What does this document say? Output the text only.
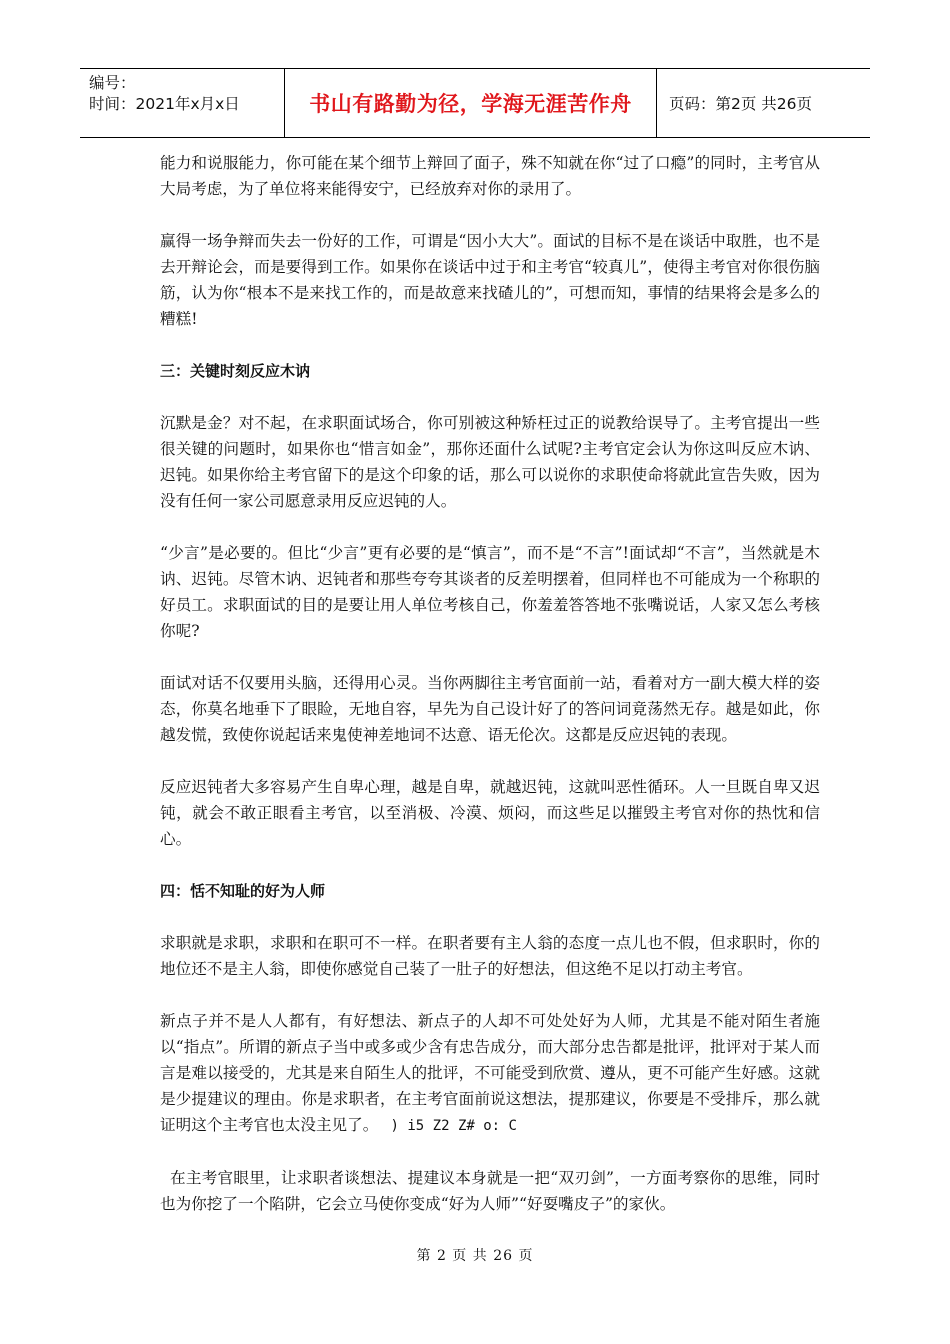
编号：
时间：2021年x月x日	书山有路勤为径，学海无涯苦作舟	页码：第2页 共26页

能力和说服能力，你可能在某个细节上辩回了面子，殊不知就在你“过了口瘾”的同时，主考官从大局考虑，为了单位将来能得安宁，已经放弃对你的录用了。

赢得一场争辩而失去一份好的工作，可谓是“因小大大”。面试的目标不是在谈话中取胜，也不是去开辩论会，而是要得到工作。如果你在谈话中过于和主考官“较真儿”，使得主考官对你很伤脑筋，认为你“根本不是来找工作的，而是故意来找碴儿的”，可想而知，事情的结果将会是多么的糟糕!

三：关键时刻反应木讷

沉默是金？对不起，在求职面试场合，你可别被这种矫枉过正的说教给误导了。主考官提出一些很关键的问题时，如果你也“惜言如金”，那你还面什么试呢?主考官定会认为你这叫反应木讷、迟钝。如果你给主考官留下的是这个印象的话，那么可以说你的求职使命将就此宣告失败，因为没有任何一家公司愿意录用反应迟钝的人。

“少言”是必要的。但比“少言”更有必要的是“慎言”，而不是“不言”!面试却“不言”，当然就是木讷、迟钝。尽管木讷、迟钝者和那些夸夸其谈者的反差明摆着，但同样也不可能成为一个称职的好员工。求职面试的目的是要让用人单位考核自己，你羞羞答答地不张嘴说话，人家又怎么考核你呢?

面试对话不仅要用头脑，还得用心灵。当你两脚往主考官面前一站，看着对方一副大模大样的姿态，你莫名地垂下了眼睑，无地自容，早先为自己设计好了的答问词竟荡然无存。越是如此，你越发慌，致使你说起话来鬼使神差地词不达意、语无伦次。这都是反应迟钝的表现。

反应迟钝者大多容易产生自卑心理，越是自卑，就越迟钝，这就叫恶性循环。人一旦既自卑又迟钝，就会不敢正眼看主考官，以至消极、冷漠、烦闷，而这些足以摧毁主考官对你的热忱和信心。

四：恬不知耻的好为人师

求职就是求职，求职和在职可不一样。在职者要有主人翁的态度一点儿也不假，但求职时，你的地位还不是主人翁，即使你感觉自己装了一肚子的好想法，但这绝不足以打动主考官。

新点子并不是人人都有，有好想法、新点子的人却不可处处好为人师，尤其是不能对陌生者施以“指点”。所谓的新点子当中或多或少含有忠告成分，而大部分忠告都是批评，批评对于某人而言是难以接受的，尤其是来自陌生人的批评，不可能受到欣赏、遵从，更不可能产生好感。这就是少提建议的理由。你是求职者，在主考官面前说这想法，提那建议，你要是不受排斥，那么就证明这个主考官也太没主见了。 ) i5 Z2 Z# o: C

在主考官眼里，让求职者谈想法、提建议本身就是一把“双刃剑”，一方面考察你的思维，同时也为你挖了一个陷阱，它会立马使你变成“好为人师”“好耍嘴皮子”的家伙。

第 2 页 共 26 页
